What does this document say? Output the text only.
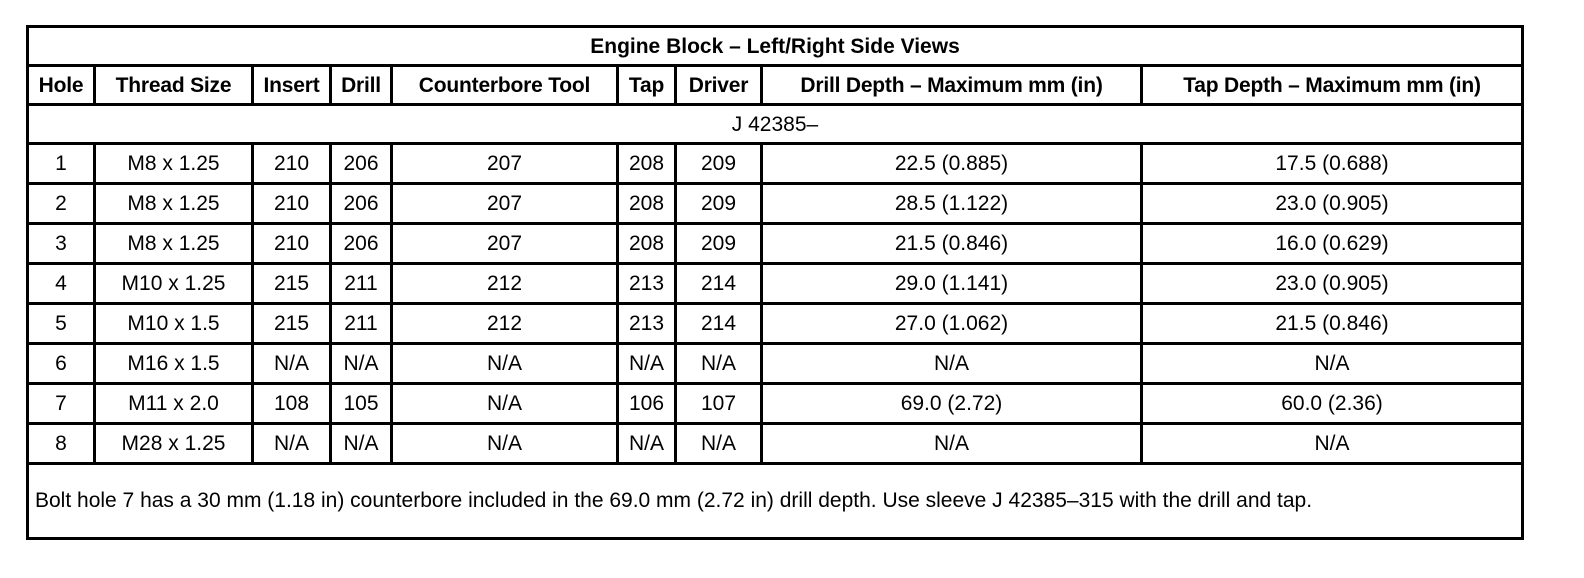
Engine Block – Left/Right Side Views								
Hole	Thread Size	Insert	Drill	Counterbore Tool	Tap	Driver	Drill Depth – Maximum mm (in)	Tap Depth – Maximum mm (in)
J 42385–								
1	M8 x 1.25	210	206	207	208	209	22.5 (0.885)	17.5 (0.688)
2	M8 x 1.25	210	206	207	208	209	28.5 (1.122)	23.0 (0.905)
3	M8 x 1.25	210	206	207	208	209	21.5 (0.846)	16.0 (0.629)
4	M10 x 1.25	215	211	212	213	214	29.0 (1.141)	23.0 (0.905)
5	M10 x 1.5	215	211	212	213	214	27.0 (1.062)	21.5 (0.846)
6	M16 x 1.5	N/A	N/A	N/A	N/A	N/A	N/A	N/A
7	M11 x 2.0	108	105	N/A	106	107	69.0 (2.72)	60.0 (2.36)
8	M28 x 1.25	N/A	N/A	N/A	N/A	N/A	N/A	N/A
Bolt hole 7 has a 30 mm (1.18 in) counterbore included in the 69.0 mm (2.72 in) drill depth. Use sleeve J 42385–315 with the drill and tap.								
